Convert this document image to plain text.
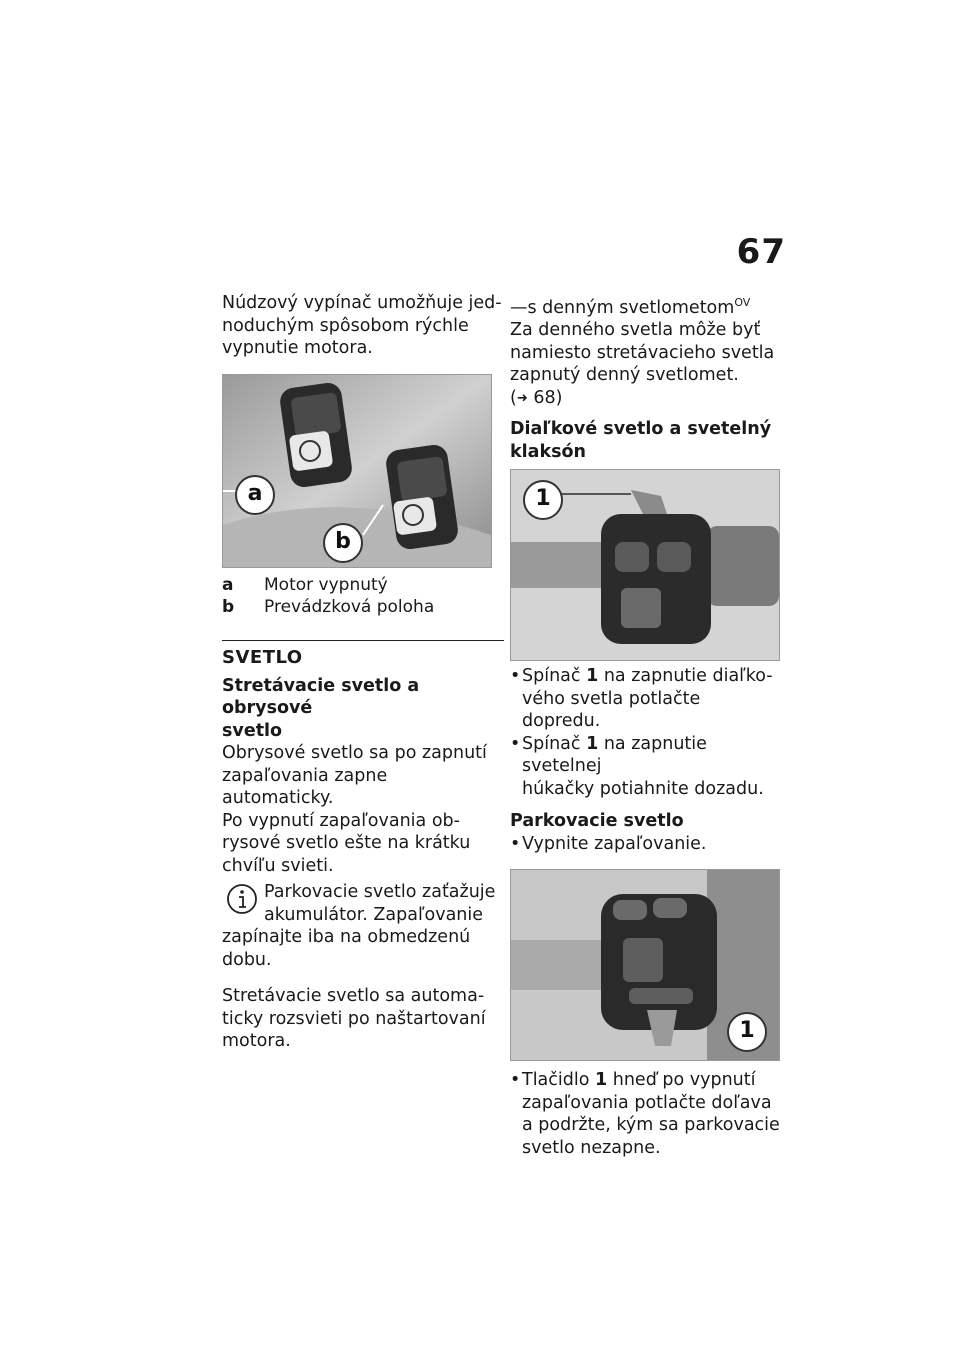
67

Núdzový vypínač umožňuje jed-

noduchým spôsobom rýchle

vypnutie motora.

a
b
a	Motor vypnutý
b	Prevádzková poloha
SVETLO

Stretávacie svetlo a obrysové

svetlo

Obrysové svetlo sa po zapnutí

zapaľovania zapne automaticky.

Po vypnutí zapaľovania ob-

rysové svetlo ešte na krátku

chvíľu svieti.

Parkovacie svetlo zaťažuje

akumulátor. Zapaľovanie

zapínajte iba na obmedzenú

dobu.

Stretávacie svetlo sa automa-

ticky rozsvieti po naštartovaní

motora.

—s denným svetlometom$^{OV}$

Za denného svetla môže byť

namiesto stretávacieho svetla

zapnutý denný svetlomet.

(➜ 68)

Diaľkové svetlo a svetelný

klaksón

1
• Spínač 1 na zapnutie diaľko-

vého svetla potlačte dopredu.

• Spínač 1 na zapnutie svetelnej

húkačky potiahnite dozadu.

Parkovacie svetlo
• Vypnite zapaľovanie.

1
• Tlačidlo 1 hneď po vypnutí

zapaľovania potlačte doľava

a podržte, kým sa parkovacie

svetlo nezapne.
